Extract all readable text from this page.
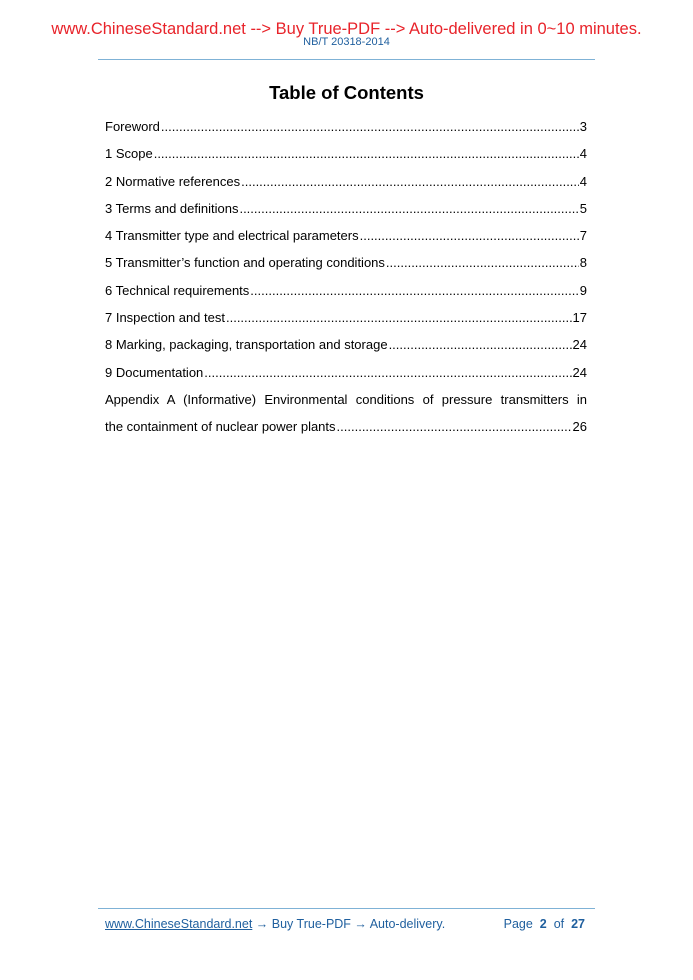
www.ChineseStandard.net --> Buy True-PDF --> Auto-delivered in 0~10 minutes.
NB/T 20318-2014
Table of Contents
Foreword .....	3
1 Scope .....	4
2 Normative references .....	4
3 Terms and definitions .....	5
4 Transmitter type and electrical parameters .....	7
5 Transmitter’s function and operating conditions .....	8
6 Technical requirements .....	9
7 Inspection and test .....	17
8 Marking, packaging, transportation and storage .....	24
9 Documentation .....	24
Appendix A (Informative) Environmental conditions of pressure transmitters in
the containment of nuclear power plants .....	26
www.ChineseStandard.net → Buy True-PDF → Auto-delivery.	Page 2 of 27
